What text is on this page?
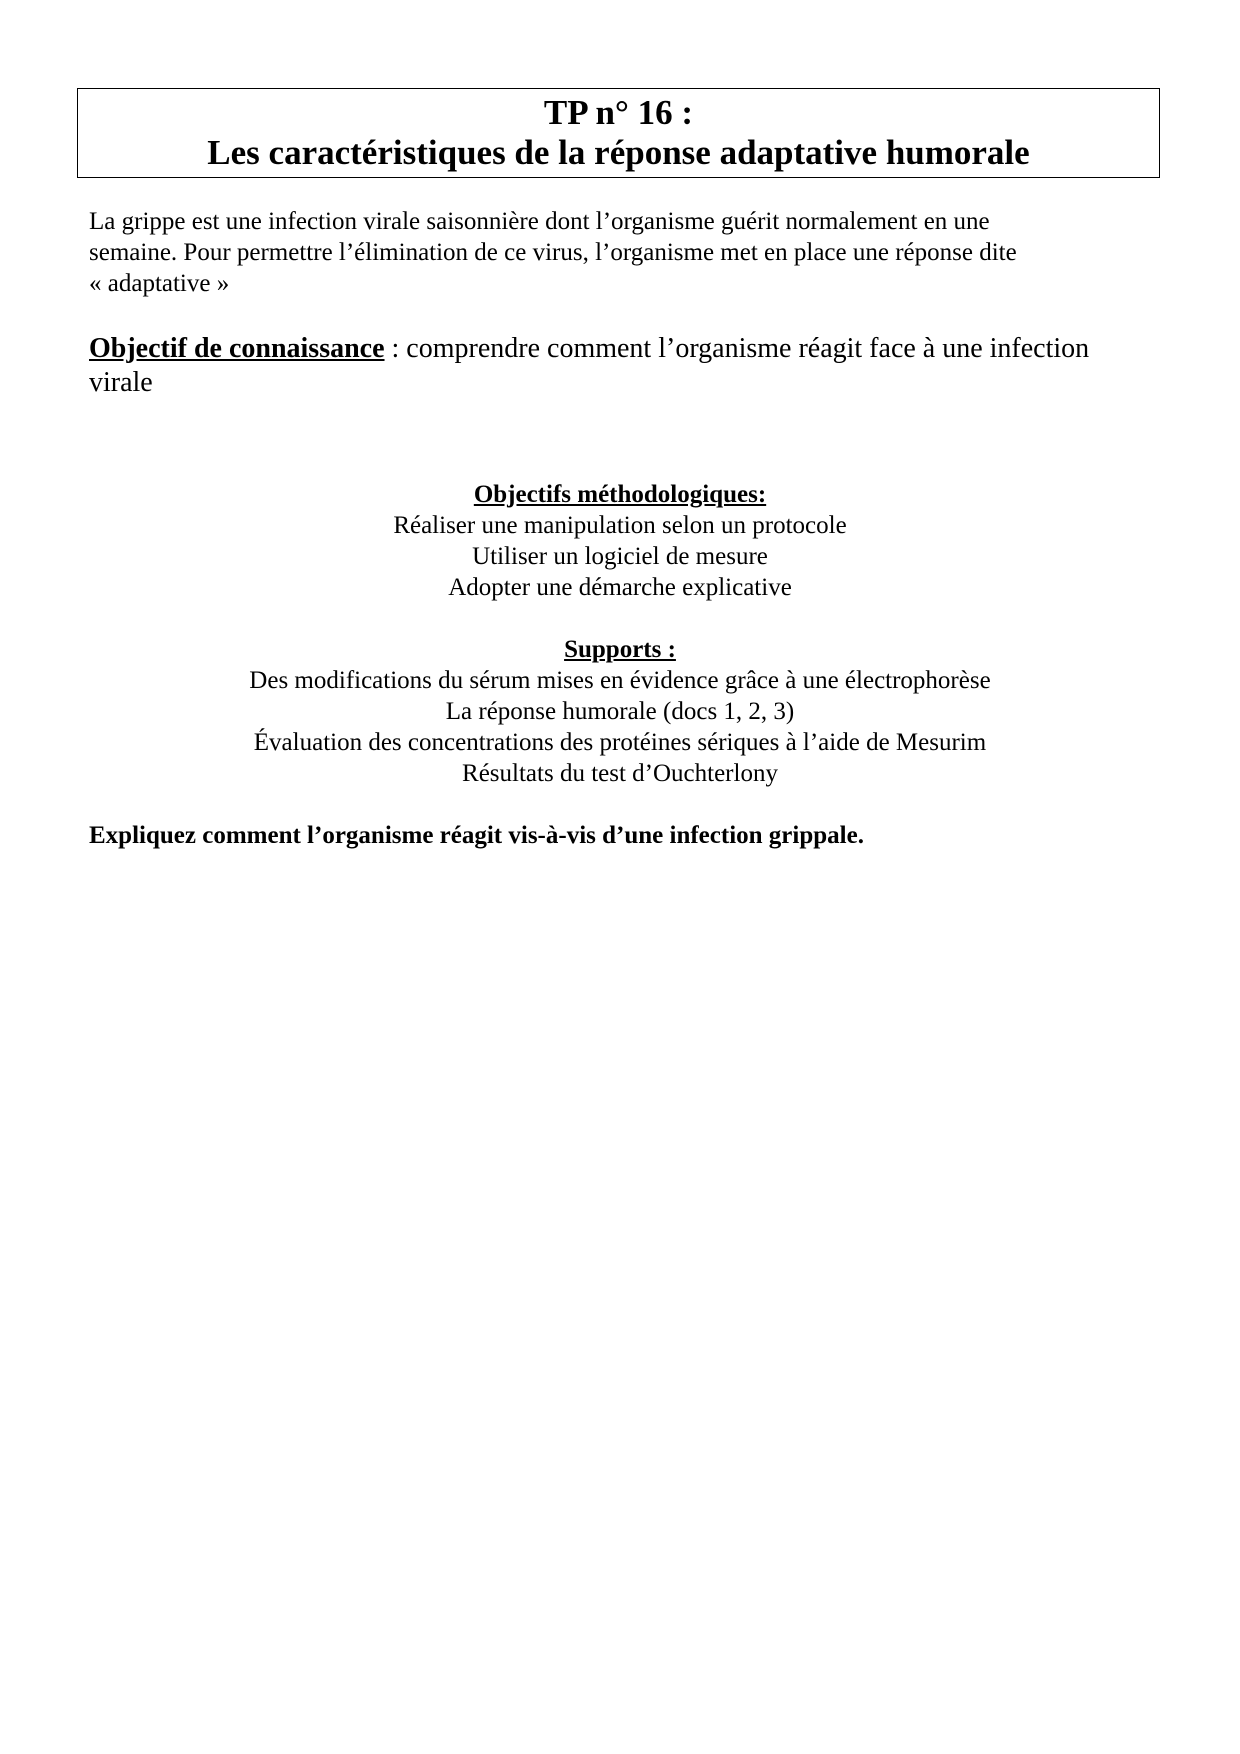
TP n° 16 :
Les caractéristiques de la réponse adaptative humorale
La grippe est une infection virale saisonnière dont l’organisme guérit normalement en une
semaine. Pour permettre l’élimination de ce virus, l’organisme met en place une réponse dite
« adaptative »
Objectif de connaissance : comprendre comment l’organisme réagit face à une infection virale
Objectifs méthodologiques:
Réaliser une manipulation selon un protocole
Utiliser un logiciel de mesure
Adopter une démarche explicative
Supports :
Des modifications du sérum mises en évidence grâce à une électrophorèse
La réponse humorale (docs 1, 2, 3)
Évaluation des concentrations des protéines sériques à l’aide de Mesurim
Résultats du test d’Ouchterlony
Expliquez comment l’organisme réagit vis-à-vis d’une infection grippale.
